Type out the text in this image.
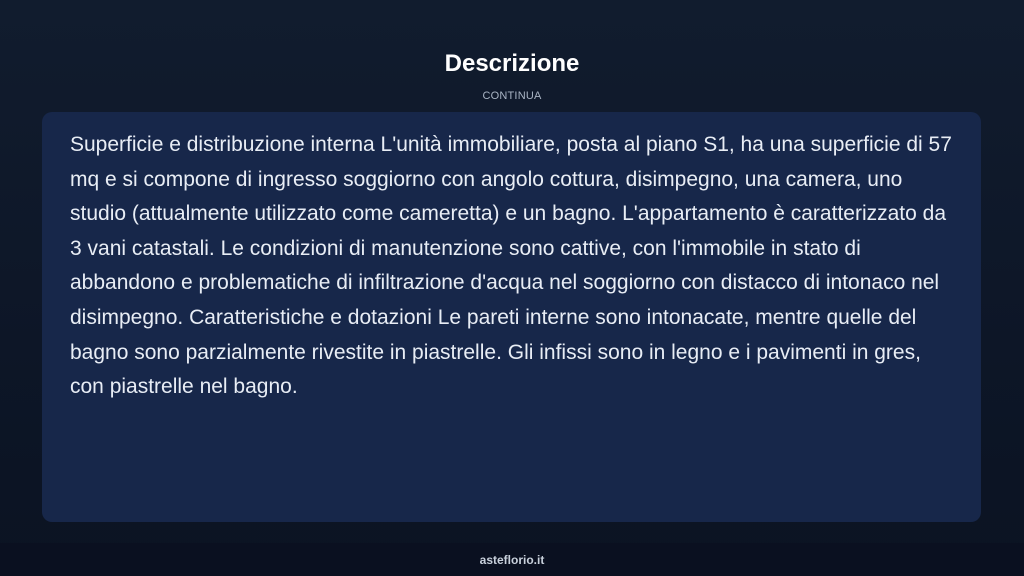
Descrizione
CONTINUA

Superficie e distribuzione interna L'unità immobiliare, posta al piano S1, ha una superficie di 57 mq e si compone di ingresso soggiorno con angolo cottura, disimpegno, una camera, uno studio (attualmente utilizzato come cameretta) e un bagno. L'appartamento è caratterizzato da 3 vani catastali. Le condizioni di manutenzione sono cattive, con l'immobile in stato di abbandono e problematiche di infiltrazione d'acqua nel soggiorno con distacco di intonaco nel disimpegno. Caratteristiche e dotazioni Le pareti interne sono intonacate, mentre quelle del bagno sono parzialmente rivestite in piastrelle. Gli infissi sono in legno e i pavimenti in gres, con piastrelle nel bagno.

asteflorio.it
